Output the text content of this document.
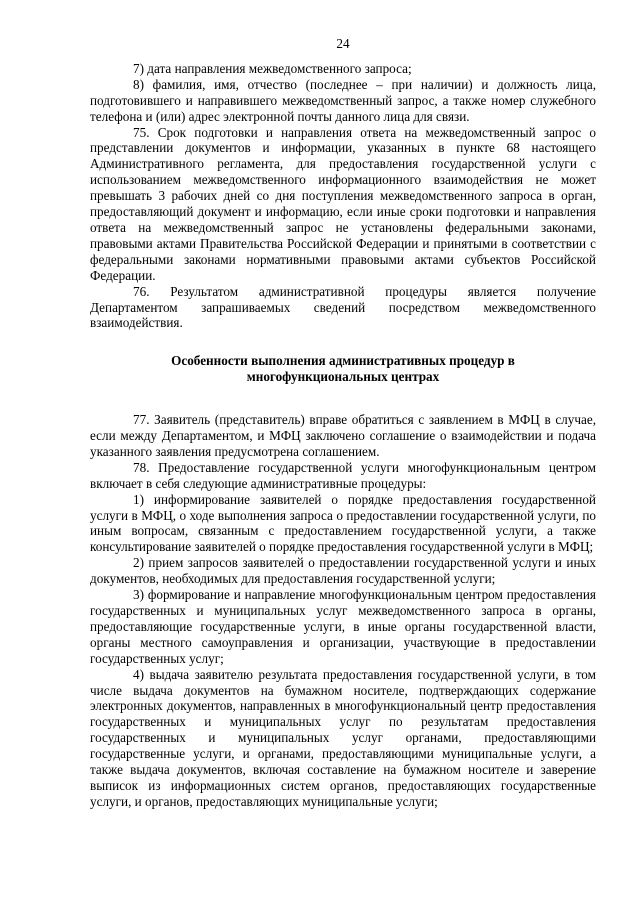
24

7) дата направления межведомственного запроса;

8) фамилия, имя, отчество (последнее – при наличии) и должность лица, подготовившего и направившего межведомственный запрос, а также номер служебного телефона и (или) адрес электронной почты данного лица для связи.

75. Срок подготовки и направления ответа на межведомственный запрос о представлении документов и информации, указанных в пункте 68 настоящего Административного регламента, для предоставления государственной услуги с использованием межведомственного информационного взаимодействия не может превышать 3 рабочих дней со дня поступления межведомственного запроса в орган, предоставляющий документ и информацию, если иные сроки подготовки и направления ответа на межведомственный запрос не установлены федеральными законами, правовыми актами Правительства Российской Федерации и принятыми в соответствии с федеральными законами нормативными правовыми актами субъектов Российской Федерации.

76. Результатом административной процедуры является получение Департаментом запрашиваемых сведений посредством межведомственного взаимодействия.

Особенности выполнения административных процедур в
многофункциональных центрах

77. Заявитель (представитель) вправе обратиться с заявлением в МФЦ в случае, если между Департаментом, и МФЦ заключено соглашение о взаимодействии и подача указанного заявления предусмотрена соглашением.

78. Предоставление государственной услуги многофункциональным центром включает в себя следующие административные процедуры:

1) информирование заявителей о порядке предоставления государственной услуги в МФЦ, о ходе выполнения запроса о предоставлении государственной услуги, по иным вопросам, связанным с предоставлением государственной услуги, а также консультирование заявителей о порядке предоставления государственной услуги в МФЦ;

2) прием запросов заявителей о предоставлении государственной услуги и иных документов, необходимых для предоставления государственной услуги;

3) формирование и направление многофункциональным центром предоставления государственных и муниципальных услуг межведомственного запроса в органы, предоставляющие государственные услуги, в иные органы государственной власти, органы местного самоуправления и организации, участвующие в предоставлении государственных услуг;

4) выдача заявителю результата предоставления государственной услуги, в том числе выдача документов на бумажном носителе, подтверждающих содержание электронных документов, направленных в многофункциональный центр предоставления государственных и муниципальных услуг по результатам предоставления государственных и муниципальных услуг органами, предоставляющими государственные услуги, и органами, предоставляющими муниципальные услуги, а также выдача документов, включая составление на бумажном носителе и заверение выписок из информационных систем органов, предоставляющих государственные услуги, и органов, предоставляющих муниципальные услуги;
